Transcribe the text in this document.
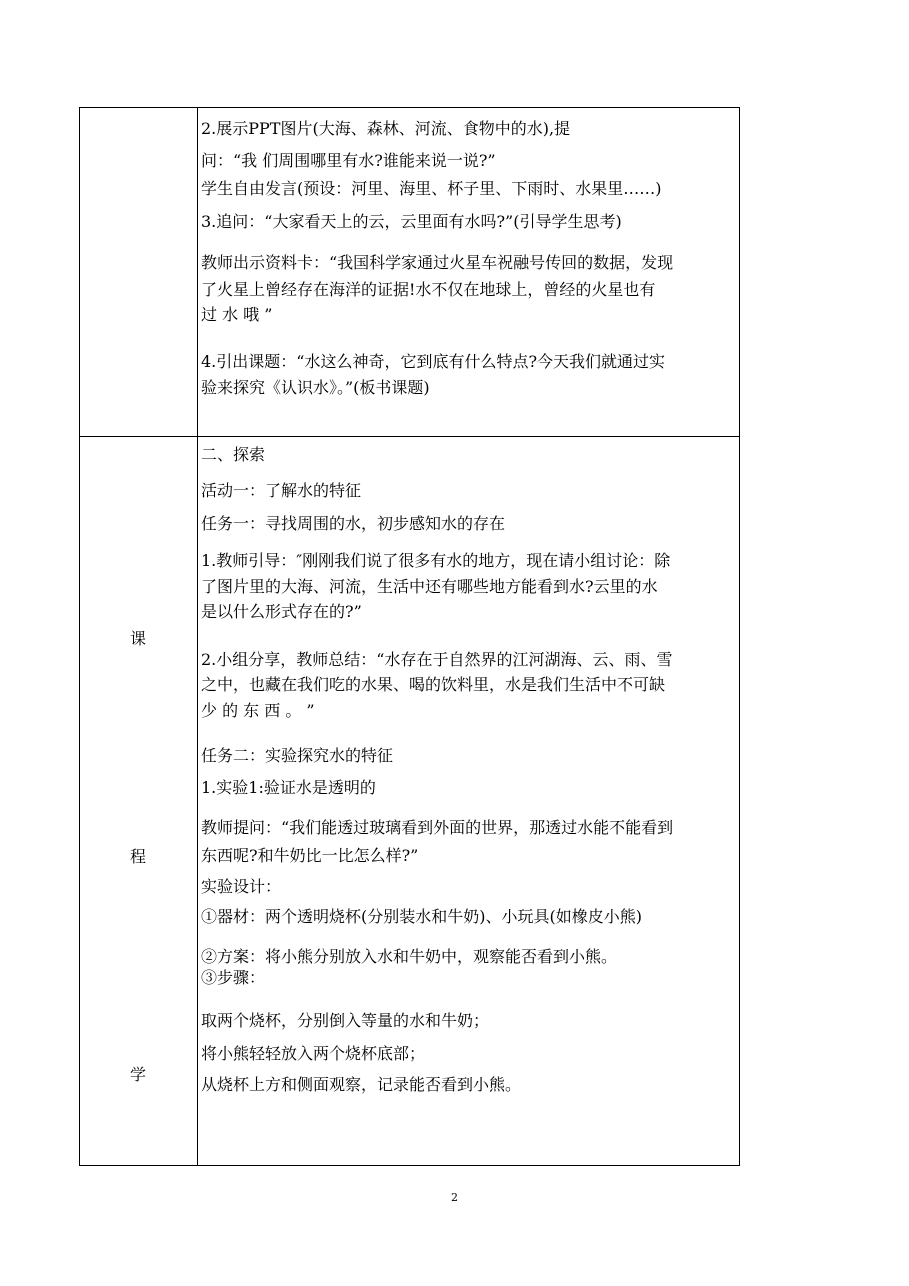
2.展示PPT图片(大海、森林、河流、食物中的水),提
问：“我 们周围哪里有水?谁能来说一说?”
学生自由发言(预设：河里、海里、杯子里、下雨时、水果里……)
3.追问：“大家看天上的云，云里面有水吗?”(引导学生思考)
教师出示资料卡：“我国科学家通过火星车祝融号传回的数据，发现
了火星上曾经存在海洋的证据!水不仅在地球上，曾经的火星也有
过 水 哦 ”
4.引出课题：“水这么神奇，它到底有什么特点?今天我们就通过实
验来探究《认识水》。”(板书课题)
课
程
学
二、探索
活动一：了解水的特征
任务一：寻找周围的水，初步感知水的存在
1.教师引导：″刚刚我们说了很多有水的地方，现在请小组讨论：除
了图片里的大海、河流，生活中还有哪些地方能看到水?云里的水
是以什么形式存在的?”
2.小组分享，教师总结：“水存在于自然界的江河湖海、云、雨、雪
之中，也藏在我们吃的水果、喝的饮料里，水是我们生活中不可缺
少 的 东 西 。 ”
任务二：实验探究水的特征
1.实验1:验证水是透明的
教师提问：“我们能透过玻璃看到外面的世界，那透过水能不能看到
东西呢?和牛奶比一比怎么样?”
实验设计：
①器材：两个透明烧杯(分别装水和牛奶)、小玩具(如橡皮小熊)
②方案：将小熊分别放入水和牛奶中，观察能否看到小熊。
③步骤：
取两个烧杯，分别倒入等量的水和牛奶；
将小熊轻轻放入两个烧杯底部；
从烧杯上方和侧面观察，记录能否看到小熊。
2
